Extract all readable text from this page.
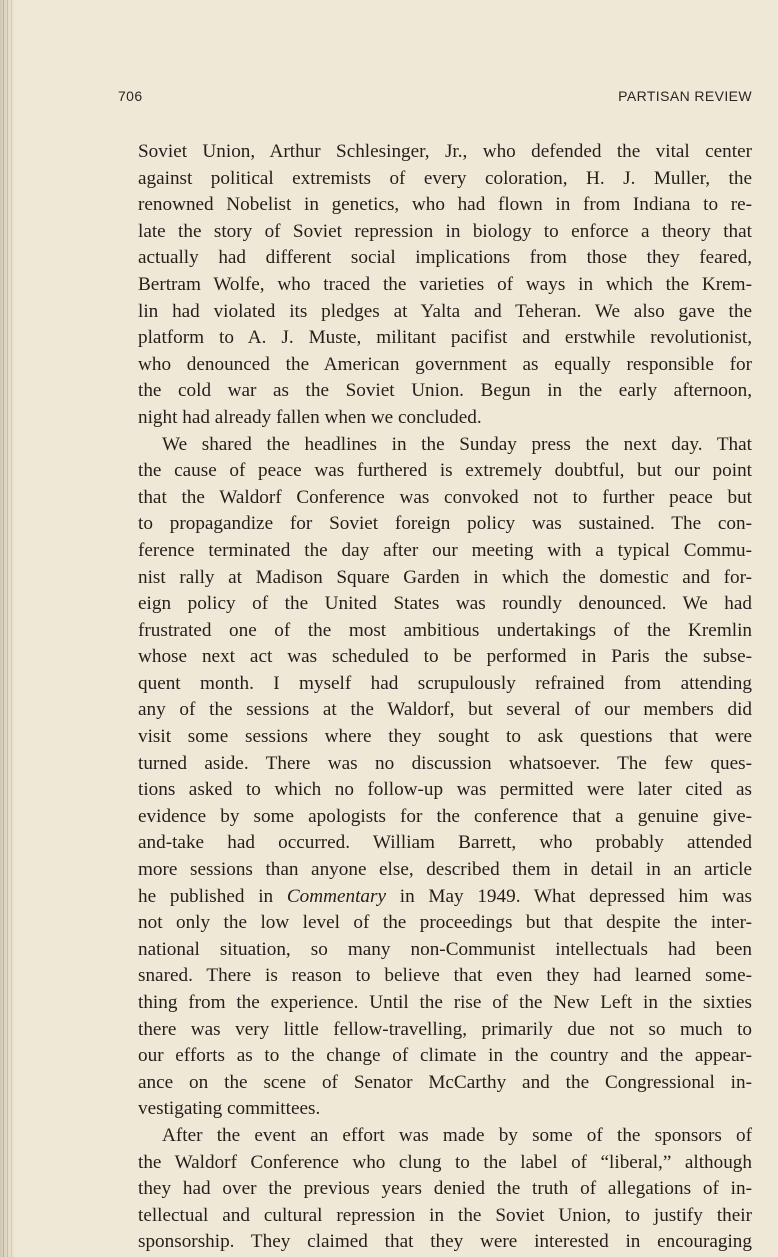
706	PARTISAN REVIEW
Soviet Union, Arthur Schlesinger, Jr., who defended the vital center
against political extremists of every coloration, H. J. Muller, the
renowned Nobelist in genetics, who had flown in from Indiana to re-
late the story of Soviet repression in biology to enforce a theory that
actually had different social implications from those they feared,
Bertram Wolfe, who traced the varieties of ways in which the Krem-
lin had violated its pledges at Yalta and Teheran. We also gave the
platform to A. J. Muste, militant pacifist and erstwhile revolutionist,
who denounced the American government as equally responsible for
the cold war as the Soviet Union. Begun in the early afternoon,
night had already fallen when we concluded.
We shared the headlines in the Sunday press the next day. That
the cause of peace was furthered is extremely doubtful, but our point
that the Waldorf Conference was convoked not to further peace but
to propagandize for Soviet foreign policy was sustained. The con-
ference terminated the day after our meeting with a typical Commu-
nist rally at Madison Square Garden in which the domestic and for-
eign policy of the United States was roundly denounced. We had
frustrated one of the most ambitious undertakings of the Kremlin
whose next act was scheduled to be performed in Paris the subse-
quent month. I myself had scrupulously refrained from attending
any of the sessions at the Waldorf, but several of our members did
visit some sessions where they sought to ask questions that were
turned aside. There was no discussion whatsoever. The few ques-
tions asked to which no follow-up was permitted were later cited as
evidence by some apologists for the conference that a genuine give-
and-take had occurred. William Barrett, who probably attended
more sessions than anyone else, described them in detail in an article
he published in Commentary in May 1949. What depressed him was
not only the low level of the proceedings but that despite the inter-
national situation, so many non-Communist intellectuals had been
snared. There is reason to believe that even they had learned some-
thing from the experience. Until the rise of the New Left in the sixties
there was very little fellow-travelling, primarily due not so much to
our efforts as to the change of climate in the country and the appear-
ance on the scene of Senator McCarthy and the Congressional in-
vestigating committees.
After the event an effort was made by some of the sponsors of
the Waldorf Conference who clung to the label of “liberal,” although
they had over the previous years denied the truth of allegations of in-
tellectual and cultural repression in the Soviet Union, to justify their
sponsorship. They claimed that they were interested in encouraging
